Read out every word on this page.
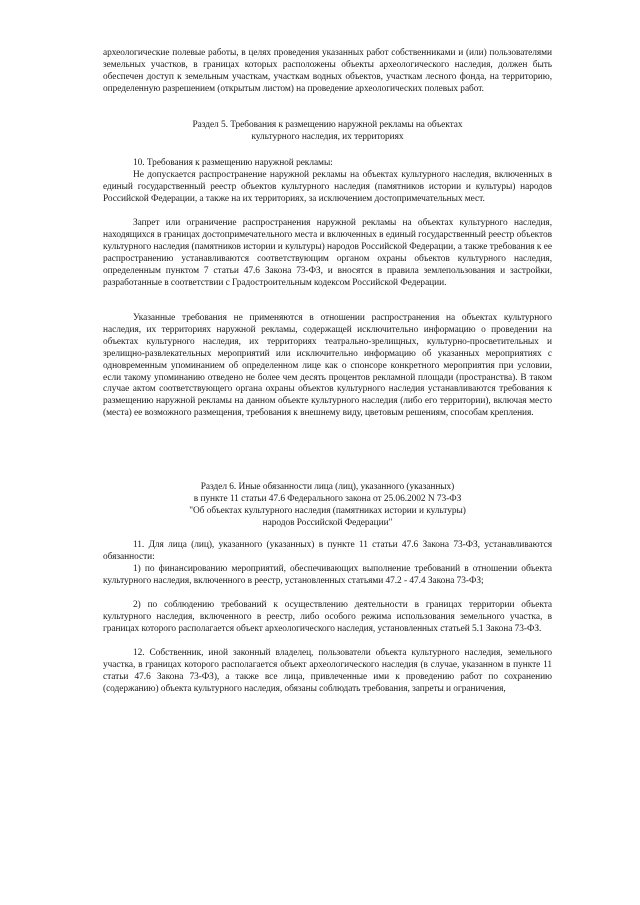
археологические полевые работы, в целях проведения указанных работ собственниками и (или) пользователями земельных участков, в границах которых расположены объекты археологического наследия, должен быть обеспечен доступ к земельным участкам, участкам водных объектов, участкам лесного фонда, на территорию, определенную разрешением (открытым листом) на проведение археологических полевых работ.

Раздел 5. Требования к размещению наружной рекламы на объектах
культурного наследия, их территориях

10. Требования к размещению наружной рекламы:

Не допускается распространение наружной рекламы на объектах культурного наследия, включенных в единый государственный реестр объектов культурного наследия (памятников истории и культуры) народов Российской Федерации, а также на их территориях, за исключением достопримечательных мест.

Запрет или ограничение распространения наружной рекламы на объектах культурного наследия, находящихся в границах достопримечательного места и включенных в единый государственный реестр объектов культурного наследия (памятников истории и культуры) народов Российской Федерации, а также требования к ее распространению устанавливаются соответствующим органом охраны объектов культурного наследия, определенным пунктом 7 статьи 47.6 Закона 73-ФЗ, и вносятся в правила землепользования и застройки, разработанные в соответствии с Градостроительным кодексом Российской Федерации.

Указанные требования не применяются в отношении распространения на объектах культурного наследия, их территориях наружной рекламы, содержащей исключительно информацию о проведении на объектах культурного наследия, их территориях театрально-зрелищных, культурно-просветительных и зрелищно-развлекательных мероприятий или исключительно информацию об указанных мероприятиях с одновременным упоминанием об определенном лице как о спонсоре конкретного мероприятия при условии, если такому упоминанию отведено не более чем десять процентов рекламной площади (пространства). В таком случае актом соответствующего органа охраны объектов культурного наследия устанавливаются требования к размещению наружной рекламы на данном объекте культурного наследия (либо его территории), включая место (места) ее возможного размещения, требования к внешнему виду, цветовым решениям, способам крепления.

Раздел 6. Иные обязанности лица (лиц), указанного (указанных)
в пункте 11 статьи 47.6 Федерального закона от 25.06.2002 N 73-ФЗ
"Об объектах культурного наследия (памятниках истории и культуры)
народов Российской Федерации"

11. Для лица (лиц), указанного (указанных) в пункте 11 статьи 47.6 Закона 73-ФЗ, устанавливаются обязанности:

1) по финансированию мероприятий, обеспечивающих выполнение требований в отношении объекта культурного наследия, включенного в реестр, установленных статьями 47.2 - 47.4 Закона 73-ФЗ;

2) по соблюдению требований к осуществлению деятельности в границах территории объекта культурного наследия, включенного в реестр, либо особого режима использования земельного участка, в границах которого располагается объект археологического наследия, установленных статьей 5.1 Закона 73-ФЗ.

12. Собственник, иной законный владелец, пользователи объекта культурного наследия, земельного участка, в границах которого располагается объект археологического наследия (в случае, указанном в пункте 11 статьи 47.6 Закона 73-ФЗ), а также все лица, привлеченные ими к проведению работ по сохранению (содержанию) объекта культурного наследия, обязаны соблюдать требования, запреты и ограничения,
